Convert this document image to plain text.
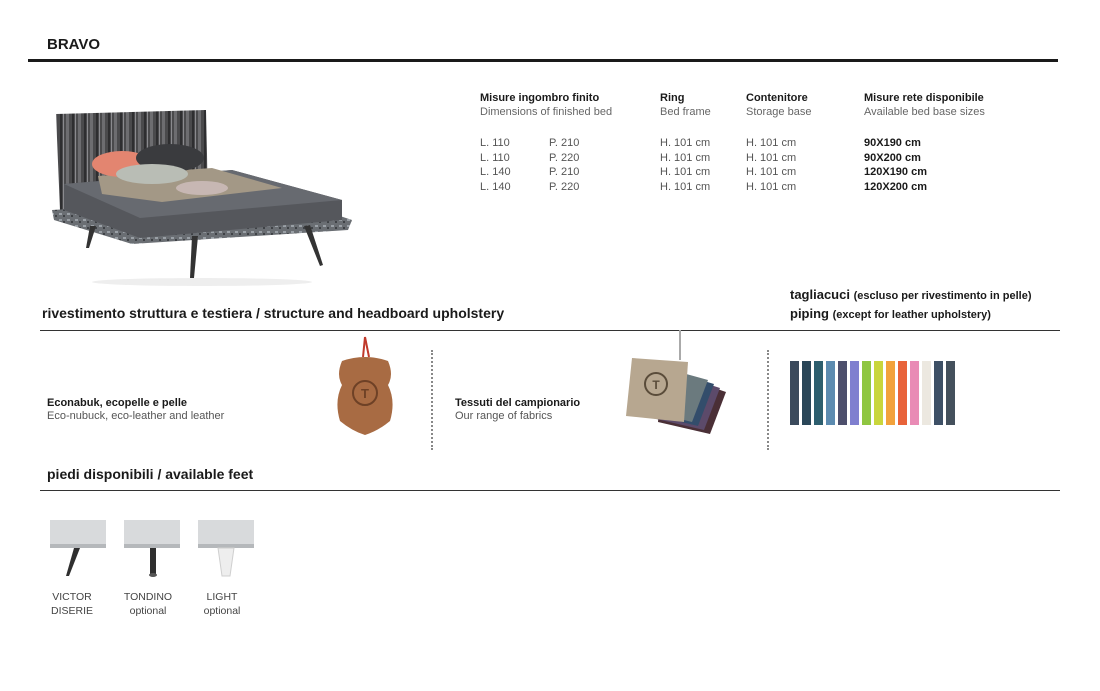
BRAVO
Misure ingombro finito
Dimensions of finished bed
Ring
Bed frame
Contenitore
Storage base
Misure rete disponibile
Available bed base sizes
L. 110
L. 110
L. 140
L. 140
P. 210
P. 220
P. 210
P. 220
H. 101 cm
H. 101 cm
H. 101 cm
H. 101 cm
H. 101 cm
H. 101 cm
H. 101 cm
H. 101 cm
90X190 cm
90X200 cm
120X190 cm
120X200 cm
rivestimento struttura e testiera / structure and headboard upholstery
tagliacuci (escluso per rivestimento in pelle)
piping (except for leather upholstery)
Econabuk, ecopelle e pelle
Eco-nubuck, eco-leather and leather
T
Tessuti del campionario
Our range of fabrics
T
piedi disponibili / available feet
VICTOR
DISERIE
TONDINO
optional
LIGHT
optional
